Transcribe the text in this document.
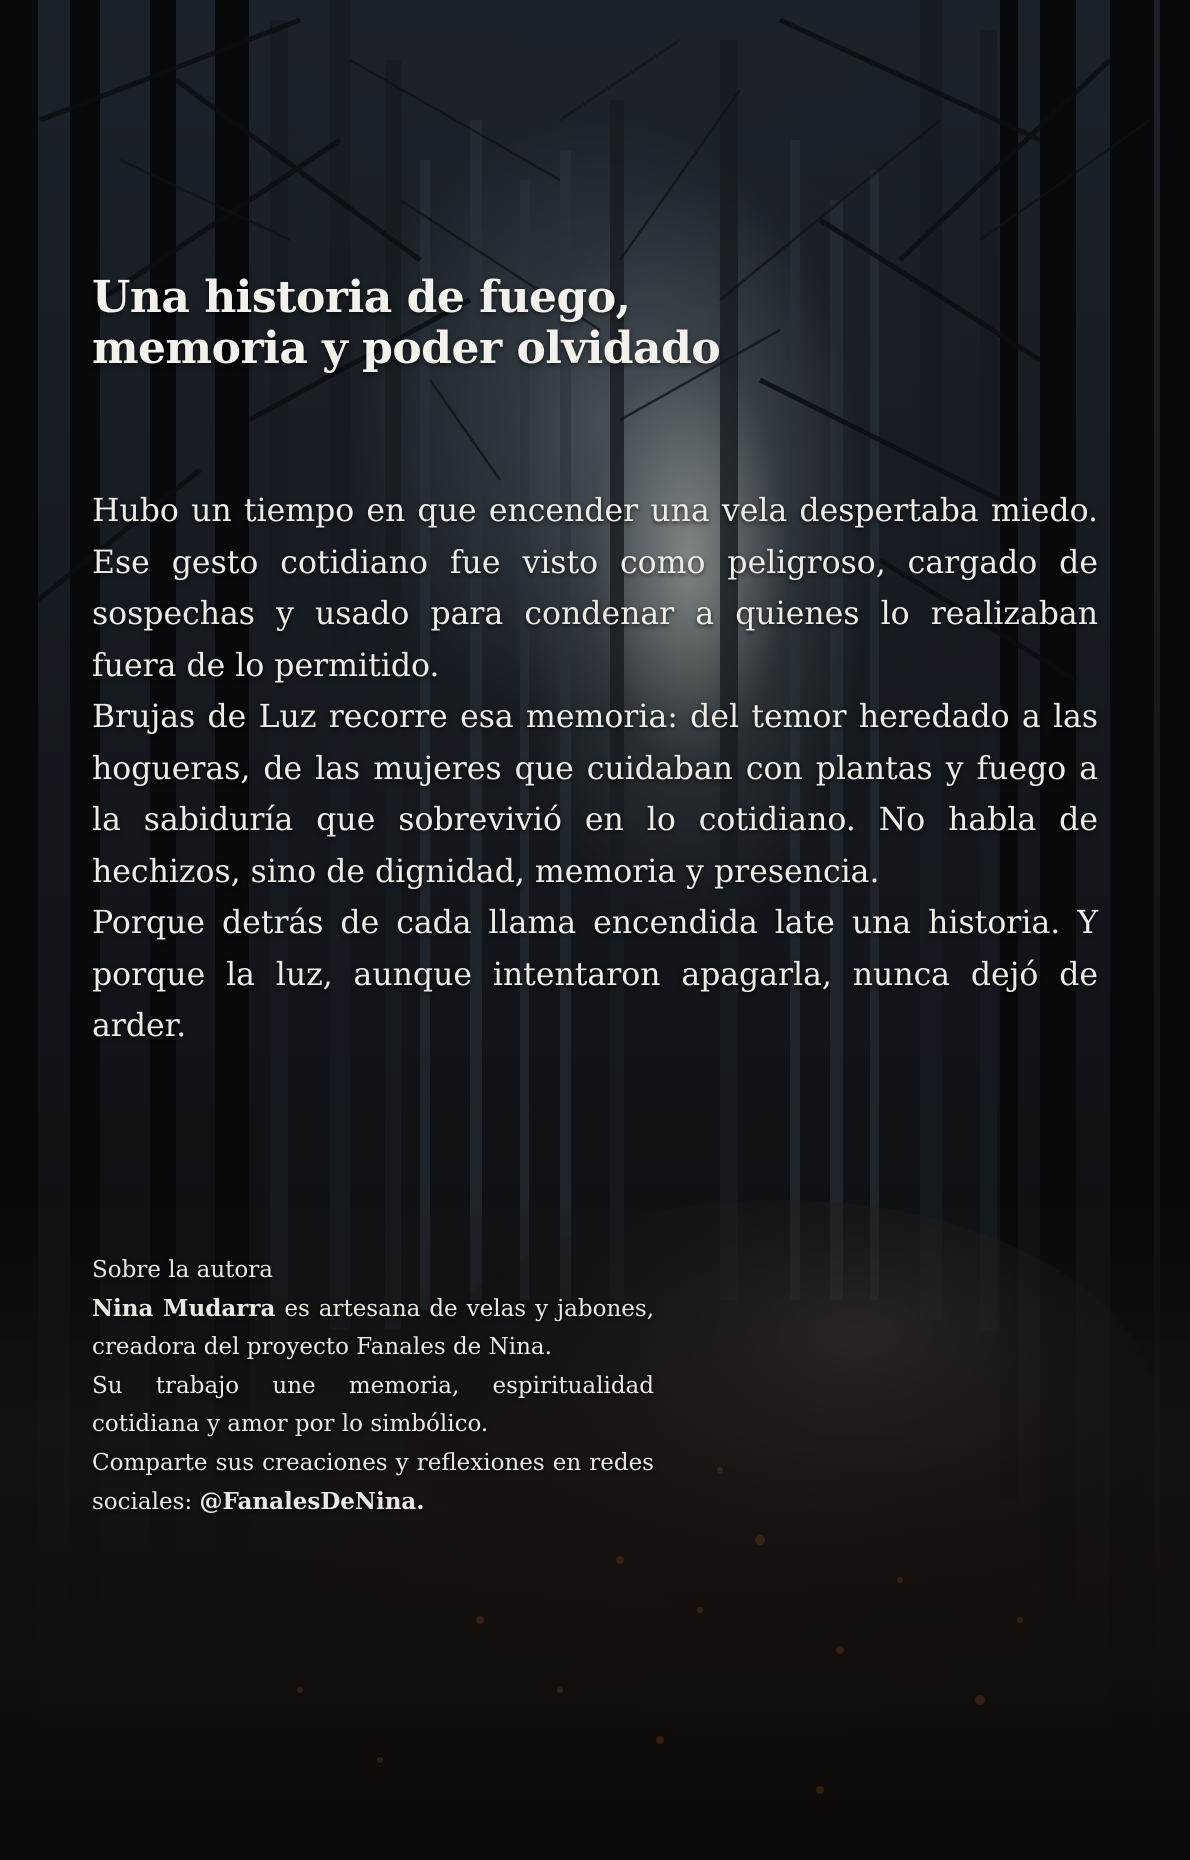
Una historia de fuego,
memoria y poder olvidado

Hubo un tiempo en que encender una vela despertaba miedo. Ese gesto cotidiano fue visto como peligroso, cargado de sospechas y usado para condenar a quienes lo realizaban fuera de lo permitido.

Brujas de Luz recorre esa memoria: del temor heredado a las hogueras, de las mujeres que cuidaban con plantas y fuego a la sabiduría que sobrevivió en lo cotidiano. No habla de hechizos, sino de dignidad, memoria y presencia.

Porque detrás de cada llama encendida late una historia. Y porque la luz, aunque intentaron apagarla, nunca dejó de arder.

Sobre la autora

Nina Mudarra es artesana de velas y jabones, creadora del proyecto Fanales de Nina.

Su trabajo une memoria, espiritualidad cotidiana y amor por lo simbólico.

Comparte sus creaciones y reflexiones en redes sociales: @FanalesDeNina.
